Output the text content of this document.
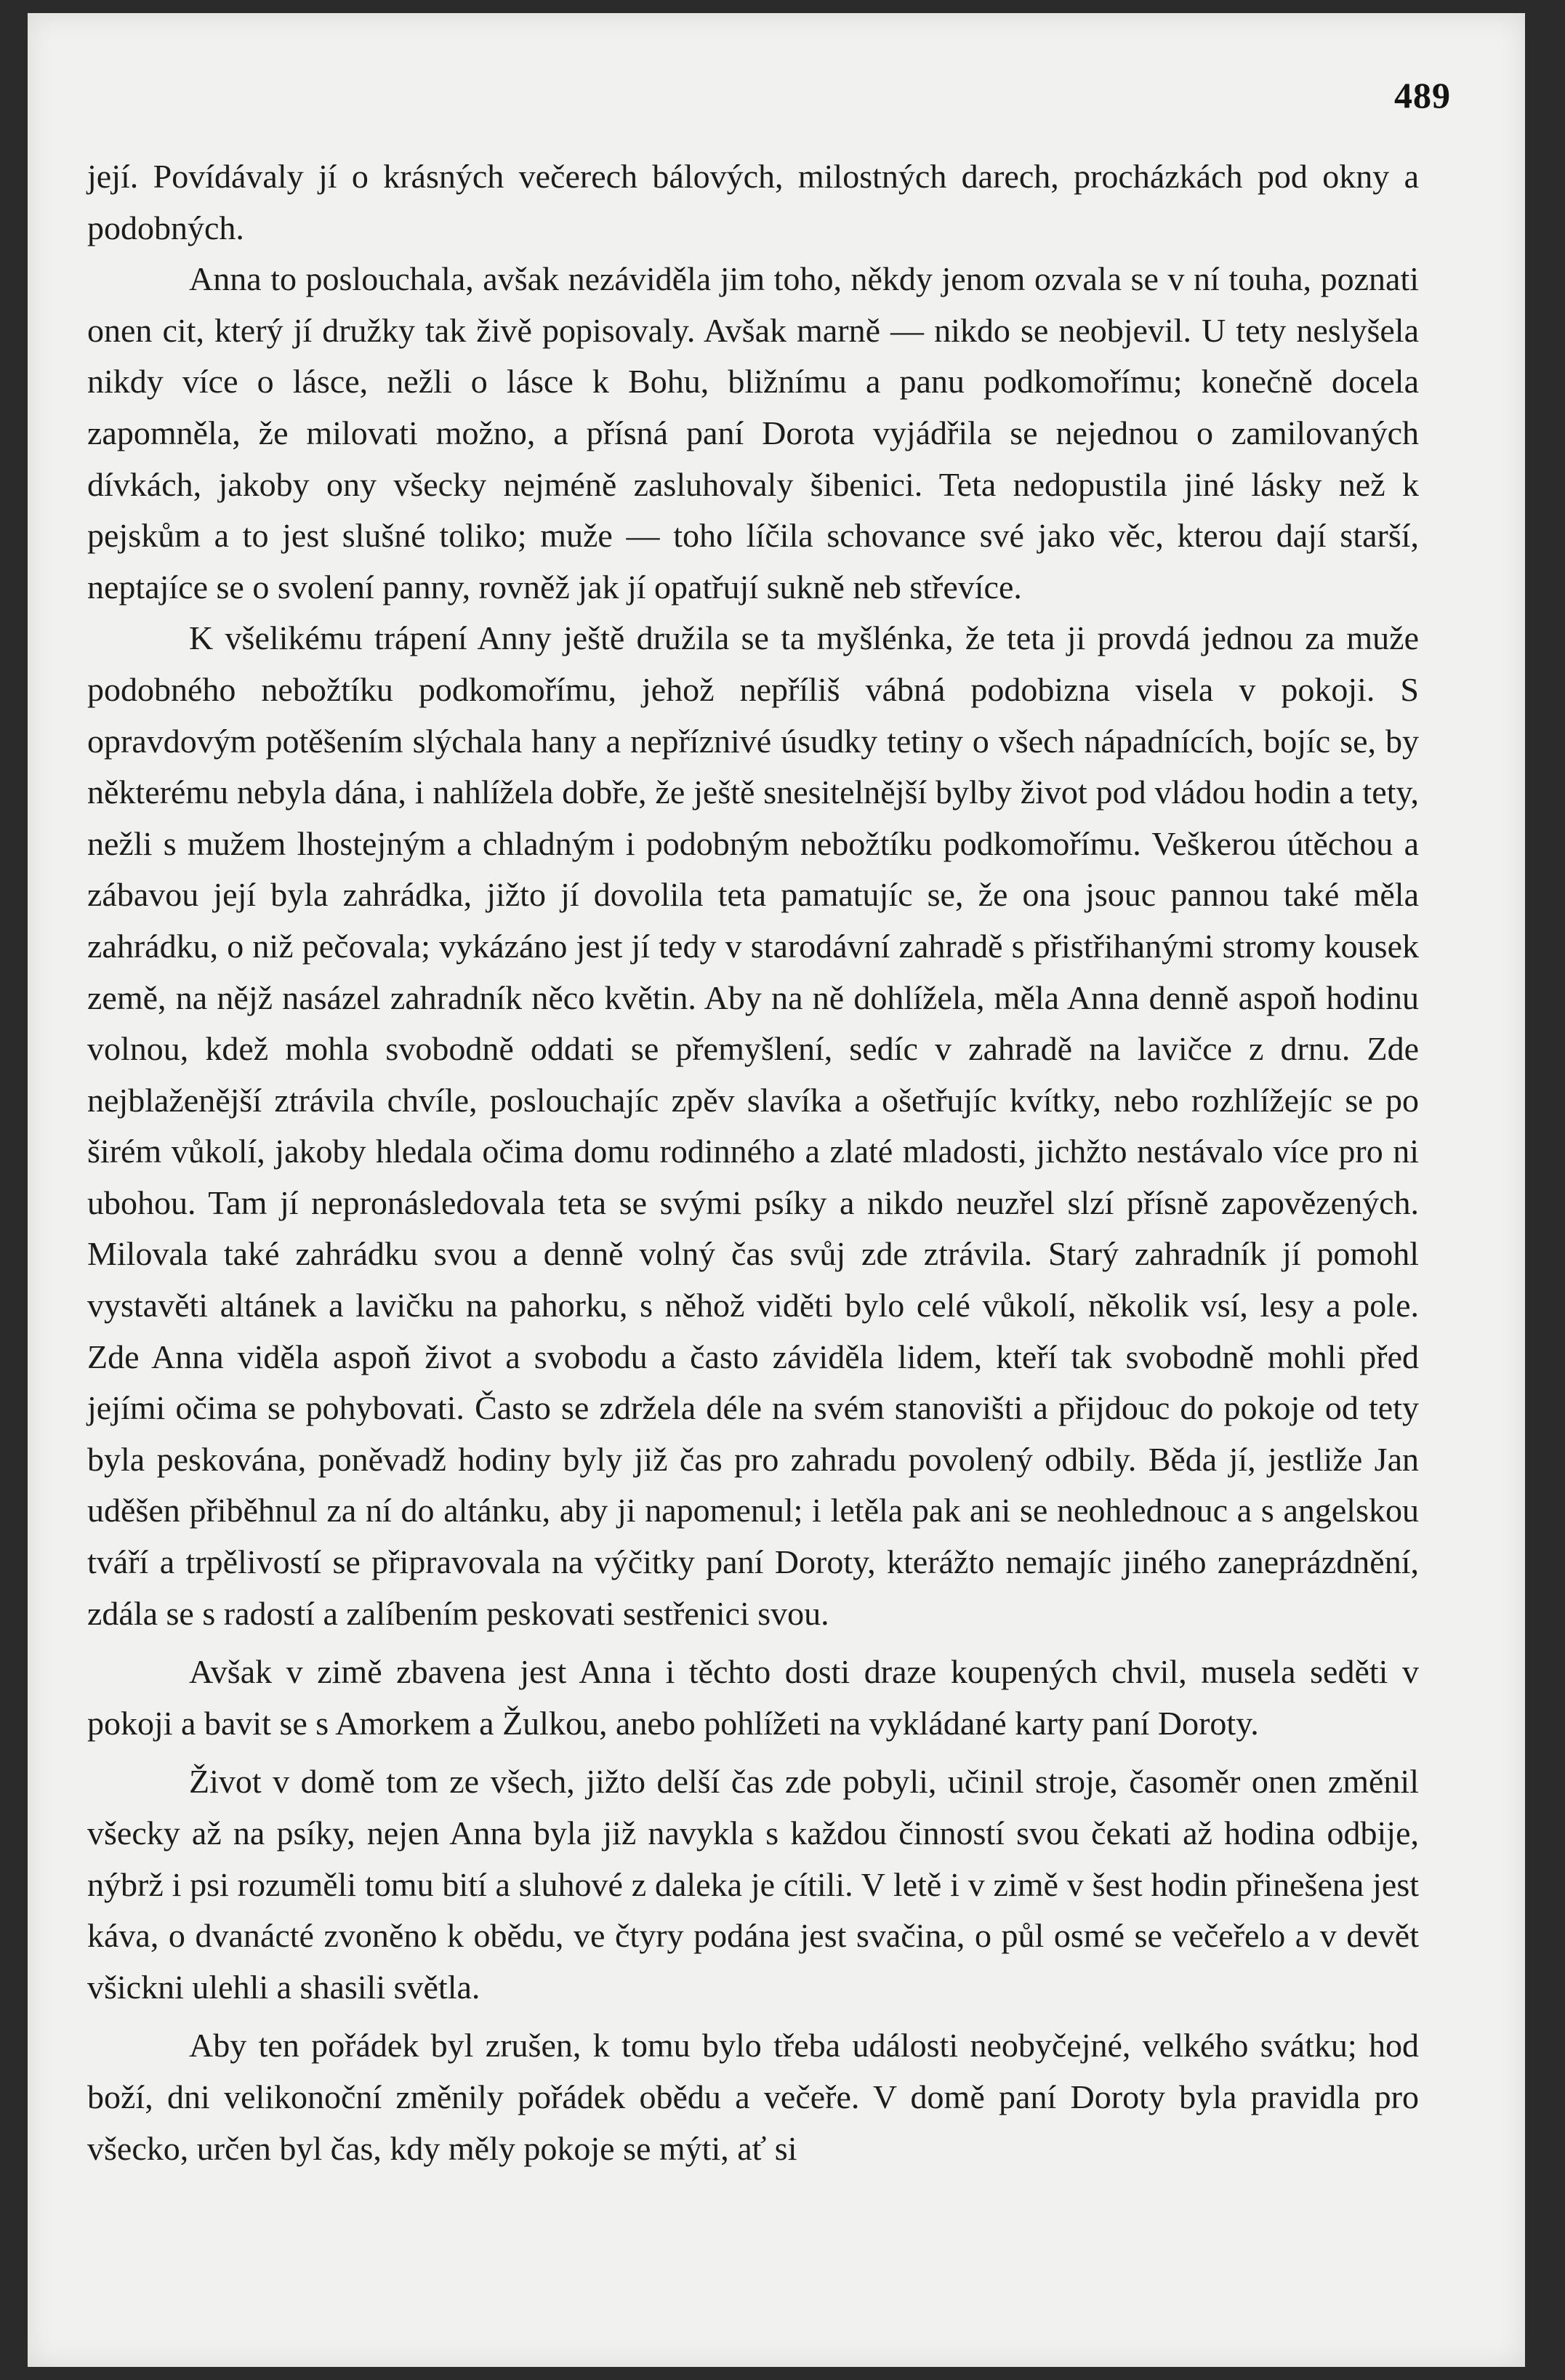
489

její. Povídávaly jí o krásných večerech bálových, milostných darech, procházkách pod okny a podobných.

Anna to poslouchala, avšak nezáviděla jim toho, někdy jenom ozvala se v ní touha, poznati onen cit, který jí družky tak živě popisovaly. Avšak marně — nikdo se neobjevil. U tety neslyšela nikdy více o lásce, nežli o lásce k Bohu, bližnímu a panu podkomořímu; konečně docela zapomněla, že milovati možno, a přísná paní Dorota vyjádřila se nejednou o zamilovaných dívkách, jakoby ony všecky nejméně zasluhovaly šibenici. Teta nedopustila jiné lásky než k pejskům a to jest slušné toliko; muže — toho líčila schovance své jako věc, kterou dají starší, neptajíce se o svolení panny, rovněž jak jí opatřují sukně neb střevíce.

K všelikému trápení Anny ještě družila se ta myšlénka, že teta ji provdá jednou za muže podobného nebožtíku podkomořímu, jehož nepříliš vábná podobizna visela v pokoji. S opravdovým potěšením slýchala hany a nepříznivé úsudky tetiny o všech nápadnících, bojíc se, by některému nebyla dána, i nahlížela dobře, že ještě snesitelnější bylby život pod vládou hodin a tety, nežli s mužem lhostejným a chladným i podobným nebožtíku podkomořímu. Veškerou útěchou a zábavou její byla zahrádka, jižto jí dovolila teta pamatujíc se, že ona jsouc pannou také měla zahrádku, o niž pečovala; vykázáno jest jí tedy v starodávní zahradě s přistřihanými stromy kousek země, na nějž nasázel zahradník něco květin. Aby na ně dohlížela, měla Anna denně aspoň hodinu volnou, kdež mohla svobodně oddati se přemyšlení, sedíc v zahradě na lavičce z drnu. Zde nejblaženější ztrávila chvíle, poslouchajíc zpěv slavíka a ošetřujíc kvítky, nebo rozhlížejíc se po širém vůkolí, jakoby hledala očima domu rodinného a zlaté mladosti, jichžto nestávalo více pro ni ubohou. Tam jí nepronásledovala teta se svými psíky a nikdo neuzřel slzí přísně zapovězených. Milovala také zahrádku svou a denně volný čas svůj zde ztrávila. Starý zahradník jí pomohl vystavěti altánek a lavičku na pahorku, s něhož viděti bylo celé vůkolí, několik vsí, lesy a pole. Zde Anna viděla aspoň život a svobodu a často záviděla lidem, kteří tak svobodně mohli před jejími očima se pohybovati. Často se zdržela déle na svém stanovišti a přijdouc do pokoje od tety byla peskována, poněvadž hodiny byly již čas pro zahradu povolený odbily. Běda jí, jestliže Jan uděšen přiběhnul za ní do altánku, aby ji napomenul; i letěla pak ani se neohlednouc a s angelskou tváří a trpělivostí se připravovala na výčitky paní Doroty, kterážto nemajíc jiného zaneprázdnění, zdála se s radostí a zalíbením peskovati sestřenici svou.

Avšak v zimě zbavena jest Anna i těchto dosti draze koupených chvil, musela seděti v pokoji a bavit se s Amorkem a Žulkou, anebo pohlížeti na vykládané karty paní Doroty.

Život v domě tom ze všech, jižto delší čas zde pobyli, učinil stroje, časoměr onen změnil všecky až na psíky, nejen Anna byla již navykla s každou činností svou čekati až hodina odbije, nýbrž i psi rozuměli tomu bití a sluhové z daleka je cítili. V letě i v zimě v šest hodin přinešena jest káva, o dvanácté zvoněno k obědu, ve čtyry podána jest svačina, o půl osmé se večeřelo a v devět všickni ulehli a shasili světla.

Aby ten pořádek byl zrušen, k tomu bylo třeba události neobyčejné, velkého svátku; hod boží, dni velikonoční změnily pořádek obědu a večeře. V domě paní Doroty byla pravidla pro všecko, určen byl čas, kdy měly pokoje se mýti, ať si
